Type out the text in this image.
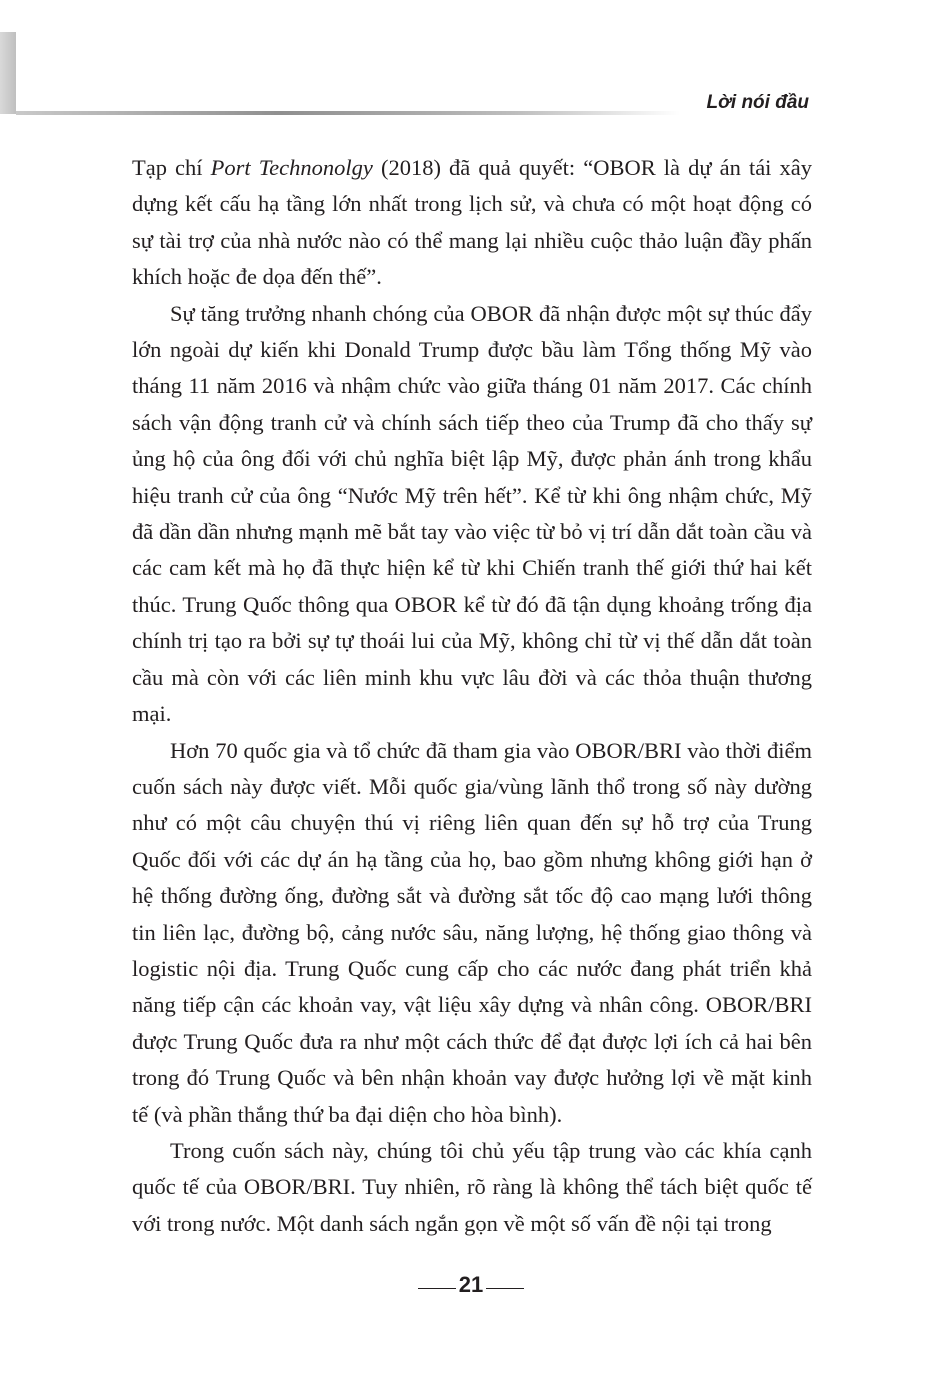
Lời nói đầu

Tạp chí Port Technonolgy (2018) đã quả quyết: “OBOR là dự án tái xây dựng kết cấu hạ tầng lớn nhất trong lịch sử, và chưa có một hoạt động có sự tài trợ của nhà nước nào có thể mang lại nhiều cuộc thảo luận đầy phấn khích hoặc đe dọa đến thế”.

Sự tăng trưởng nhanh chóng của OBOR đã nhận được một sự thúc đẩy lớn ngoài dự kiến khi Donald Trump được bầu làm Tổng thống Mỹ vào tháng 11 năm 2016 và nhậm chức vào giữa tháng 01 năm 2017. Các chính sách vận động tranh cử và chính sách tiếp theo của Trump đã cho thấy sự ủng hộ của ông đối với chủ nghĩa biệt lập Mỹ, được phản ánh trong khẩu hiệu tranh cử của ông “Nước Mỹ trên hết”. Kể từ khi ông nhậm chức, Mỹ đã dần dần nhưng mạnh mẽ bắt tay vào việc từ bỏ vị trí dẫn dắt toàn cầu và các cam kết mà họ đã thực hiện kể từ khi Chiến tranh thế giới thứ hai kết thúc. Trung Quốc thông qua OBOR kể từ đó đã tận dụng khoảng trống địa chính trị tạo ra bởi sự tự thoái lui của Mỹ, không chỉ từ vị thế dẫn dắt toàn cầu mà còn với các liên minh khu vực lâu đời và các thỏa thuận thương mại.

Hơn 70 quốc gia và tổ chức đã tham gia vào OBOR/BRI vào thời điểm cuốn sách này được viết. Mỗi quốc gia/vùng lãnh thổ trong số này dường như có một câu chuyện thú vị riêng liên quan đến sự hỗ trợ của Trung Quốc đối với các dự án hạ tầng của họ, bao gồm nhưng không giới hạn ở hệ thống đường ống, đường sắt và đường sắt tốc độ cao mạng lưới thông tin liên lạc, đường bộ, cảng nước sâu, năng lượng, hệ thống giao thông và logistic nội địa. Trung Quốc cung cấp cho các nước đang phát triển khả năng tiếp cận các khoản vay, vật liệu xây dựng và nhân công. OBOR/BRI được Trung Quốc đưa ra như một cách thức để đạt được lợi ích cả hai bên trong đó Trung Quốc và bên nhận khoản vay được hưởng lợi về mặt kinh tế (và phần thắng thứ ba đại diện cho hòa bình).

Trong cuốn sách này, chúng tôi chủ yếu tập trung vào các khía cạnh quốc tế của OBOR/BRI. Tuy nhiên, rõ ràng là không thể tách biệt quốc tế với trong nước. Một danh sách ngắn gọn về một số vấn đề nội tại trong

21
